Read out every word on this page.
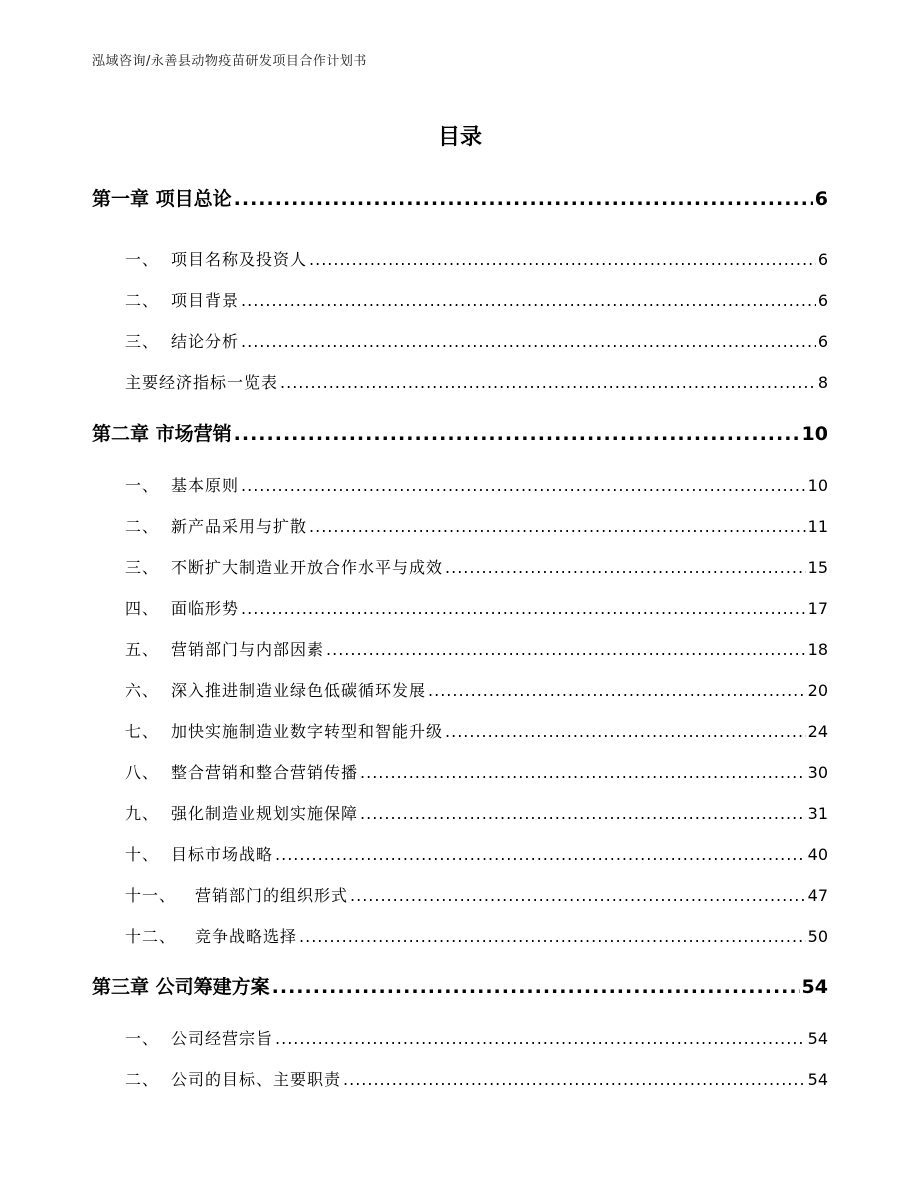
泓域咨询/永善县动物疫苗研发项目合作计划书
目录
第一章 项目总论 .....	6
一、 项目名称及投资人 .....	6
二、 项目背景 .....	6
三、 结论分析 .....	6
主要经济指标一览表 .....	8
第二章 市场营销 .....	10
一、 基本原则 .....	10
二、 新产品采用与扩散 .....	11
三、 不断扩大制造业开放合作水平与成效 .....	15
四、 面临形势 .....	17
五、 营销部门与内部因素 .....	18
六、 深入推进制造业绿色低碳循环发展 .....	20
七、 加快实施制造业数字转型和智能升级 .....	24
八、 整合营销和整合营销传播 .....	30
九、 强化制造业规划实施保障 .....	31
十、 目标市场战略 .....	40
十一、 营销部门的组织形式 .....	47
十二、 竞争战略选择 .....	50
第三章 公司筹建方案 .....	54
一、 公司经营宗旨 .....	54
二、 公司的目标、主要职责 .....	54
